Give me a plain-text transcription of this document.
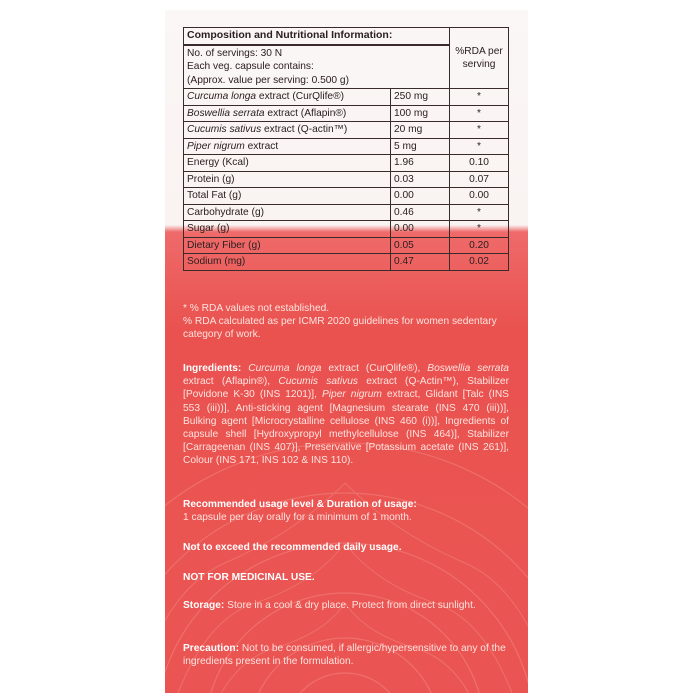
Composition and Nutritional Information:		%RDA per serving

No. of servings: 30 N
Each veg. capsule contains:
(Approx. value per serving: 0.500 g)		

Curcuma longa extract (CurQlife®)	250 mg	*
Boswellia serrata extract (Aflapin®)	100 mg	*
Cucumis sativus extract (Q-actin™)	20 mg	*
Piper nigrum extract	5 mg	*
Energy (Kcal)	1.96	0.10
Protein (g)	0.03	0.07
Total Fat (g)	0.00	0.00
Carbohydrate (g)	0.46	*
Sugar (g)	0.00	*
Dietary Fiber (g)	0.05	0.20
Sodium (mg)	0.47	0.02
* % RDA values not established.
% RDA calculated as per ICMR 2020 guidelines for women sedentary category of work.
Ingredients: Curcuma longa extract (CurQlife®), Boswellia serrata extract (Aflapin®), Cucumis sativus extract (Q-Actin™), Stabilizer [Povidone K-30 (INS 1201)], Piper nigrum extract, Glidant [Talc (INS 553 (iii))], Anti-sticking agent [Magnesium stearate (INS 470 (iii))], Bulking agent [Microcrystalline cellulose (INS 460 (i))], Ingredients of capsule shell [Hydroxypropyl methylcellulose (INS 464)], Stabilizer [Carrageenan (INS 407)], Preservative [Potassium acetate (INS 261)], Colour (INS 171, INS 102 & INS 110).
Recommended usage level & Duration of usage:
1 capsule per day orally for a minimum of 1 month.
Not to exceed the recommended daily usage.
NOT FOR MEDICINAL USE.
Storage: Store in a cool & dry place. Protect from direct sunlight.
Precaution: Not to be consumed, if allergic/hypersensitive to any of the ingredients present in the formulation.
